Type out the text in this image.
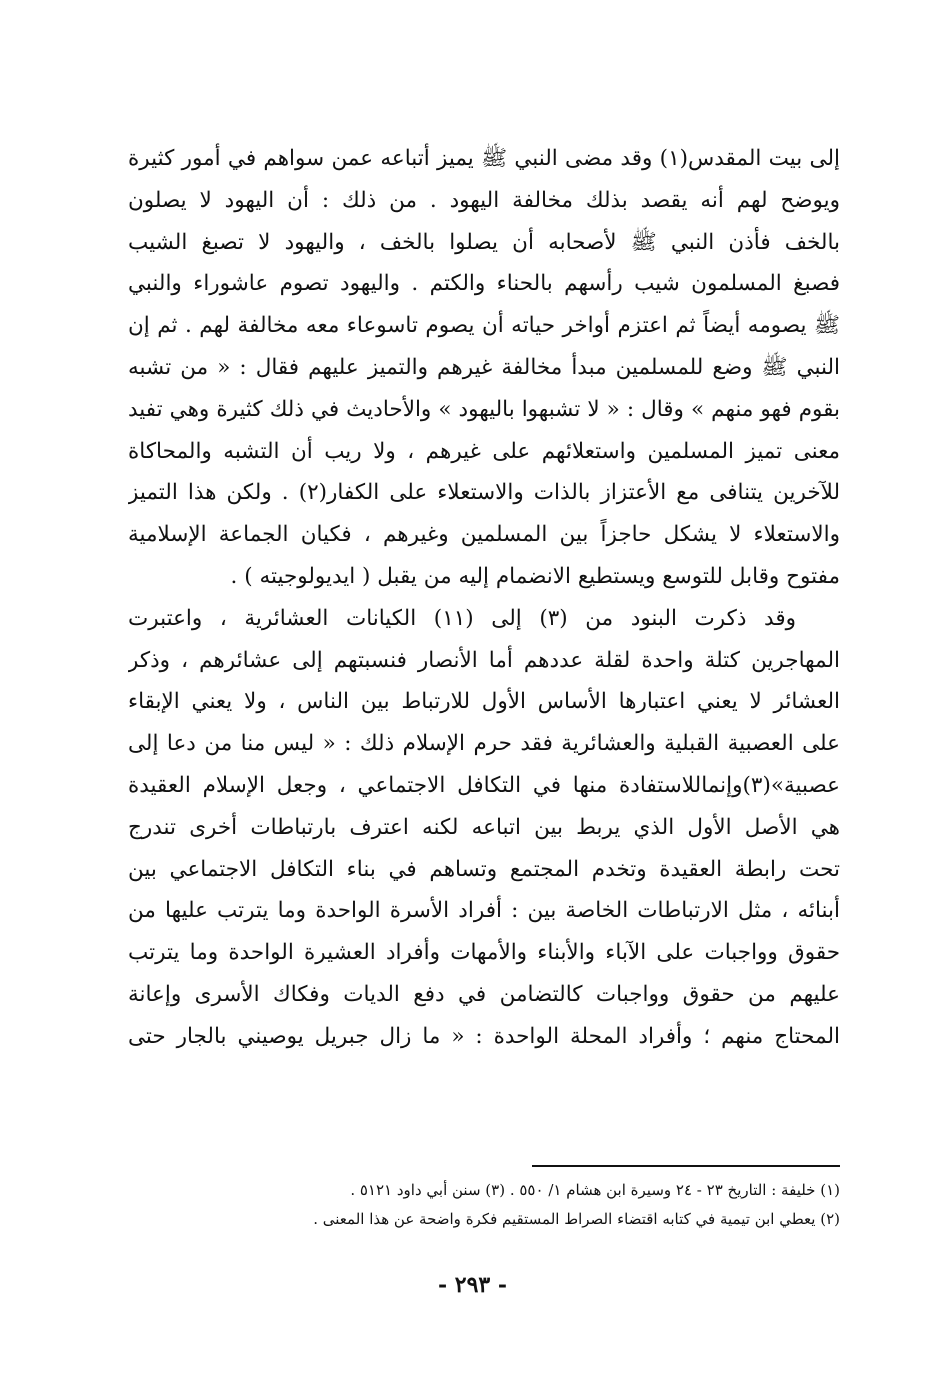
إلى بيت المقدس(١) وقد مضى النبي ﷺ يميز أتباعه عمن سواهم في أمور كثيرة
ويوضح لهم أنه يقصد بذلك مخالفة اليهود . من ذلك : أن اليهود لا يصلون
بالخف فأذن النبي ﷺ لأصحابه أن يصلوا بالخف ، واليهود لا تصبغ الشيب
فصبغ المسلمون شيب رأسهم بالحناء والكتم . واليهود تصوم عاشوراء والنبي
ﷺ يصومه أيضاً ثم اعتزم أواخر حياته أن يصوم تاسوعاء معه مخالفة لهم . ثم إن
النبي ﷺ وضع للمسلمين مبدأ مخالفة غيرهم والتميز عليهم فقال : « من تشبه
بقوم فهو منهم » وقال : « لا تشبهوا باليهود » والأحاديث في ذلك كثيرة وهي تفيد
معنى تميز المسلمين واستعلائهم على غيرهم ، ولا ريب أن التشبه والمحاكاة
للآخرين يتنافى مع الأعتزاز بالذات والاستعلاء على الكفار(٢) . ولكن هذا التميز
والاستعلاء لا يشكل حاجزاً بين المسلمين وغيرهم ، فكيان الجماعة الإسلامية
مفتوح وقابل للتوسع ويستطيع الانضمام إليه من يقبل ( ايديولوجيته ) .
وقد ذكرت البنود من (٣) إلى (١١) الكيانات العشائرية ، واعتبرت
المهاجرين كتلة واحدة لقلة عددهم أما الأنصار فنسبتهم إلى عشائرهم ، وذكر
العشائر لا يعني اعتبارها الأساس الأول للارتباط بين الناس ، ولا يعني الإبقاء
على العصبية القبلية والعشائرية فقد حرم الإسلام ذلك : « ليس منا من دعا إلى
عصبية»(٣)وإنماللاستفادة منها في التكافل الاجتماعي ، وجعل الإسلام العقيدة
هي الأصل الأول الذي يربط بين اتباعه لكنه اعترف بارتباطات أخرى تندرج
تحت رابطة العقيدة وتخدم المجتمع وتساهم في بناء التكافل الاجتماعي بين
أبنائه ، مثل الارتباطات الخاصة بين : أفراد الأسرة الواحدة وما يترتب عليها من
حقوق وواجبات على الآباء والأبناء والأمهات وأفراد العشيرة الواحدة وما يترتب
عليهم من حقوق وواجبات كالتضامن في دفع الديات وفكاك الأسرى وإعانة
المحتاج منهم ؛ وأفراد المحلة الواحدة : « ما زال جبريل يوصيني بالجار حتى
(١) خليفة : التاريخ ٢٣ - ٢٤ وسيرة ابن هشام ١/ ٥٥٠ . (٣) سنن أبي داود ٥١٢١ .
(٢) يعطي ابن تيمية في كتابه اقتضاء الصراط المستقيم فكرة واضحة عن هذا المعنى .
- ٢٩٣ -
